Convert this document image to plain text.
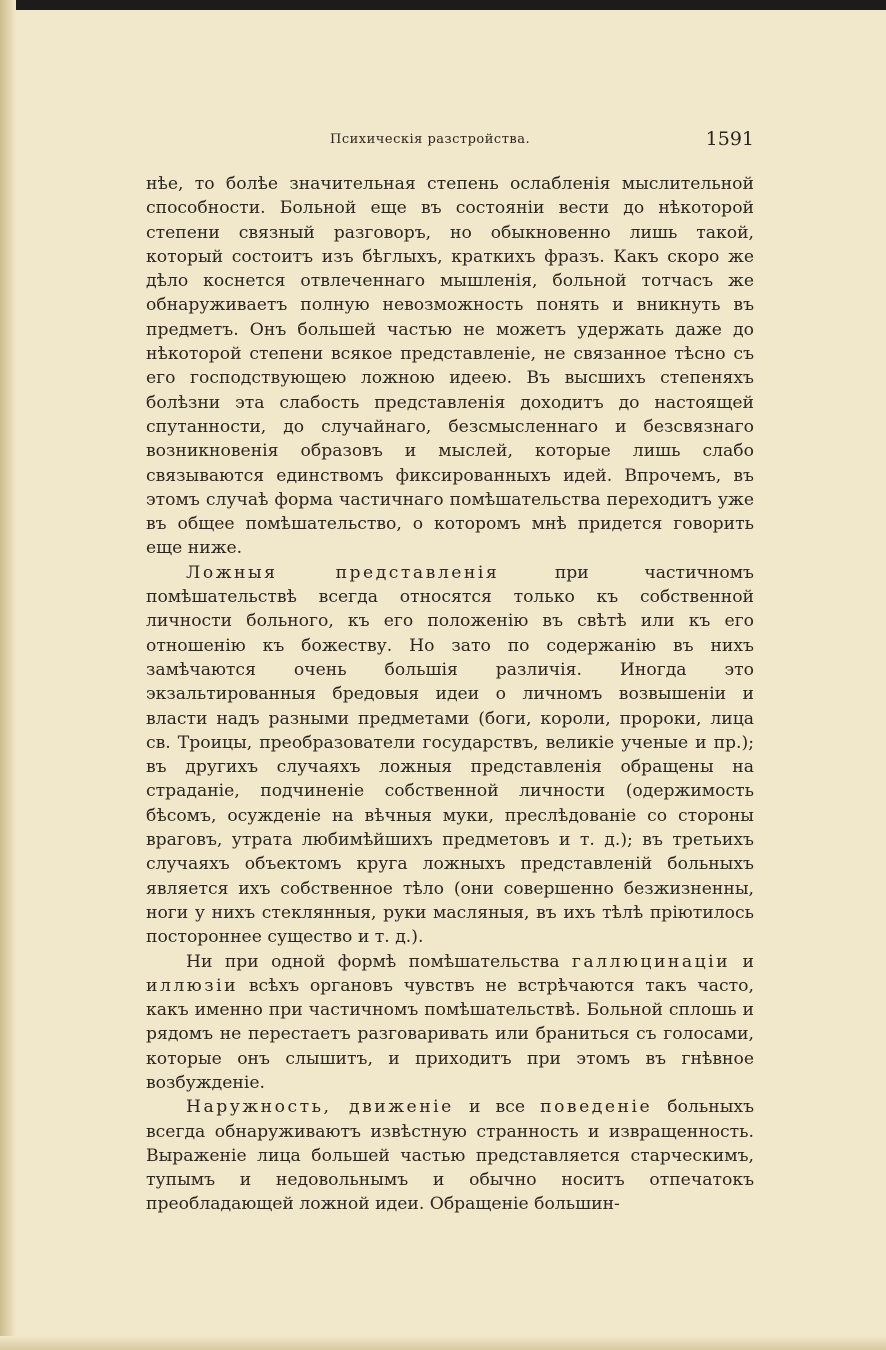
Психическія разстройства.	1591

нѣе, то болѣе значительная степень ослабленія мыслительной способности. Больной еще въ состояніи вести до нѣкоторой степени связный разговоръ, но обыкновенно лишь такой, который состоитъ изъ бѣглыхъ, краткихъ фразъ. Какъ скоро же дѣло коснется отвлеченнаго мышленія, больной тотчасъ же обнаруживаетъ полную невозможность понять и вникнуть въ предметъ. Онъ большей частью не можетъ удержать даже до нѣкоторой степени всякое представленіе, не связанное тѣсно съ его господствующею ложною идеею. Въ высшихъ степеняхъ болѣзни эта слабость представленія доходитъ до настоящей спутанности, до случайнаго, безсмысленнаго и безсвязнаго возникновенія образовъ и мыслей, которые лишь слабо связываются единствомъ фиксированныхъ идей. Впрочемъ, въ этомъ случаѣ форма частичнаго помѣшательства переходитъ уже въ общее помѣшательство, о которомъ мнѣ придется говорить еще ниже.

Ложныя представленія при частичномъ помѣшательствѣ всегда относятся только къ собственной личности больного, къ его положенію въ свѣтѣ или къ его отношенію къ божеству. Но зато по содержанію въ нихъ замѣчаются очень большія различія. Иногда это экзальтированныя бредовыя идеи о личномъ возвышеніи и власти надъ разными предметами (боги, короли, пророки, лица св. Троицы, преобразователи государствъ, великіе ученые и пр.); въ другихъ случаяхъ ложныя представленія обращены на страданіе, подчиненіе собственной личности (одержимость бѣсомъ, осужденіе на вѣчныя муки, преслѣдованіе со стороны враговъ, утрата любимѣйшихъ предметовъ и т. д.); въ третьихъ случаяхъ объектомъ круга ложныхъ представленій больныхъ является ихъ собственное тѣло (они совершенно безжизненны, ноги у нихъ стеклянныя, руки масляныя, въ ихъ тѣлѣ пріютилось постороннее существо и т. д.).

Ни при одной формѣ помѣшательства галлюцинаціи и иллюзіи всѣхъ органовъ чувствъ не встрѣчаются такъ часто, какъ именно при частичномъ помѣшательствѣ. Больной сплошь и рядомъ не перестаетъ разговаривать или браниться съ голосами, которые онъ слышитъ, и приходитъ при этомъ въ гнѣвное возбужденіе.

Наружность, движеніе и все поведеніе больныхъ всегда обнаруживаютъ извѣстную странность и извращенность. Выраженіе лица большей частью представляется старческимъ, тупымъ и недовольнымъ и обычно носитъ отпечатокъ преобладающей ложной идеи. Обращеніе большин-
